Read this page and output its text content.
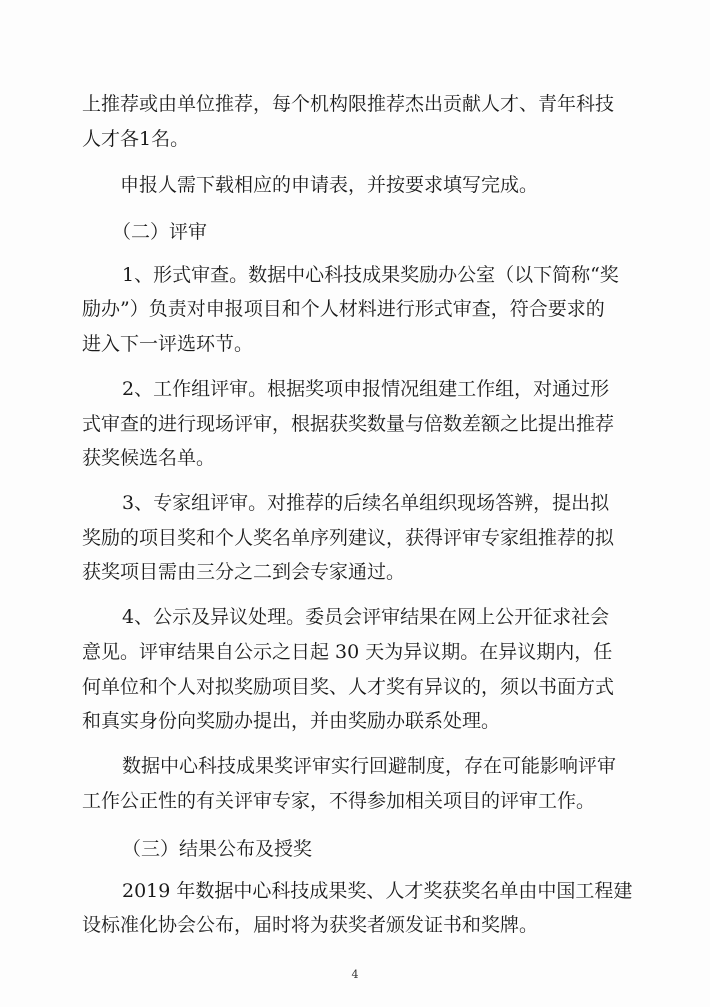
上推荐或由单位推荐，每个机构限推荐杰出贡献人才、青年科技
人才各1名。
申报人需下载相应的申请表，并按要求填写完成。
（二）评审
1、形式审查。数据中心科技成果奖励办公室（以下简称“奖
励办”）负责对申报项目和个人材料进行形式审查，符合要求的
进入下一评选环节。
2、工作组评审。根据奖项申报情况组建工作组，对通过形
式审查的进行现场评审，根据获奖数量与倍数差额之比提出推荐
获奖候选名单。
3、专家组评审。对推荐的后续名单组织现场答辨，提出拟
奖励的项目奖和个人奖名单序列建议，获得评审专家组推荐的拟
获奖项目需由三分之二到会专家通过。
4、公示及异议处理。委员会评审结果在网上公开征求社会
意见。评审结果自公示之日起 30 天为异议期。在异议期内，任
何单位和个人对拟奖励项目奖、人才奖有异议的，须以书面方式
和真实身份向奖励办提出，并由奖励办联系处理。
数据中心科技成果奖评审实行回避制度，存在可能影响评审
工作公正性的有关评审专家，不得参加相关项目的评审工作。
（三）结果公布及授奖
2019 年数据中心科技成果奖、人才奖获奖名单由中国工程建
设标准化协会公布，届时将为获奖者颁发证书和奖牌。
4
